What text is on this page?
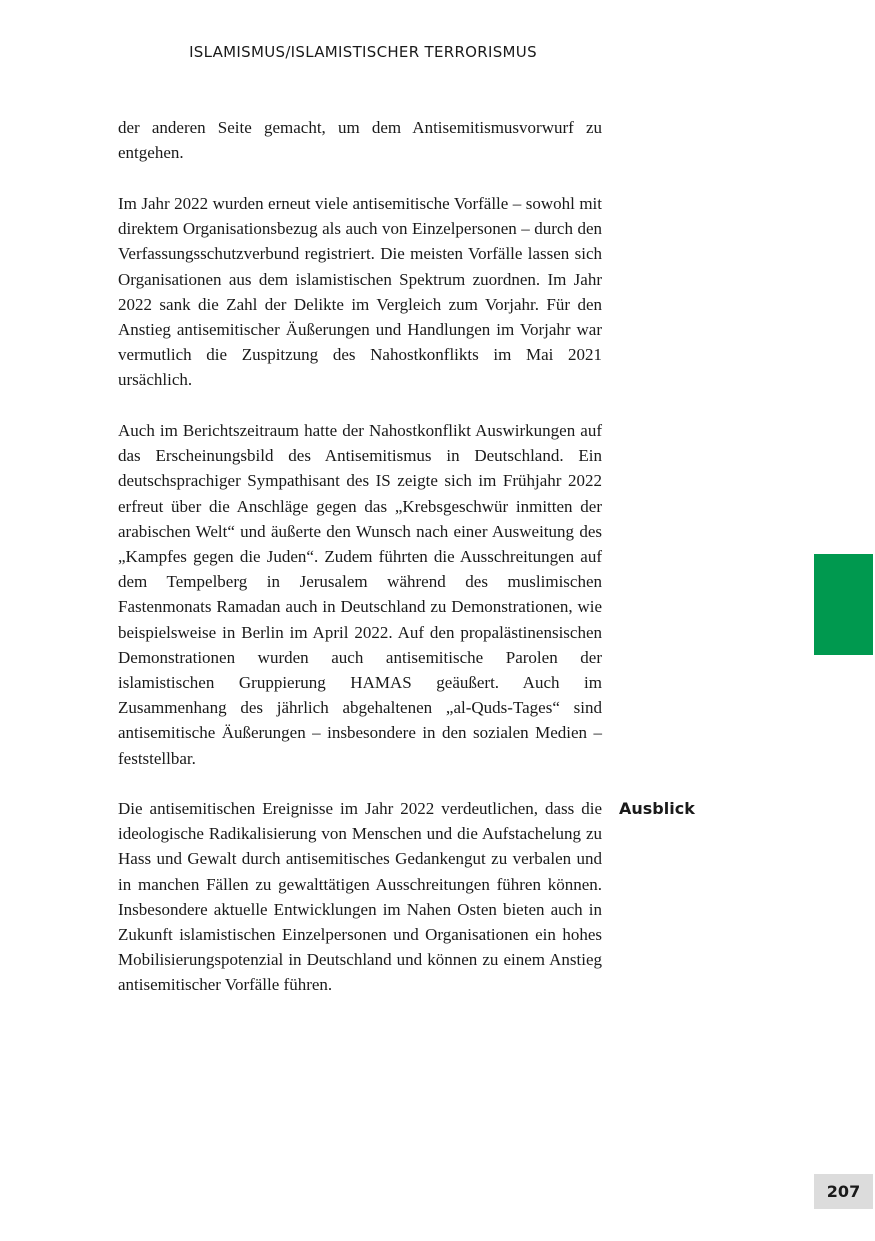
ISLAMISMUS/ISLAMISTISCHER TERRORISMUS

der anderen Seite gemacht, um dem Antisemitismusvorwurf zu entgehen.

Im Jahr 2022 wurden erneut viele antisemitische Vorfälle – sowohl mit direktem Organisationsbezug als auch von Einzelpersonen – durch den Verfassungsschutzverbund registriert. Die meisten Vorfälle lassen sich Organisationen aus dem islamistischen Spektrum zuordnen. Im Jahr 2022 sank die Zahl der Delikte im Vergleich zum Vorjahr. Für den Anstieg antisemitischer Äußerungen und Handlungen im Vorjahr war vermutlich die Zuspitzung des Nahostkonflikts im Mai 2021 ursächlich.

Auch im Berichtszeitraum hatte der Nahostkonflikt Auswirkungen auf das Erscheinungsbild des Antisemitismus in Deutschland. Ein deutschsprachiger Sympathisant des IS zeigte sich im Frühjahr 2022 erfreut über die Anschläge gegen das „Krebsgeschwür inmitten der arabischen Welt“ und äußerte den Wunsch nach einer Ausweitung des „Kampfes gegen die Juden“. Zudem führten die Ausschreitungen auf dem Tempelberg in Jerusalem während des muslimischen Fastenmonats Ramadan auch in Deutschland zu Demonstrationen, wie beispielsweise in Berlin im April 2022. Auf den propalästinensischen Demonstrationen wurden auch antisemitische Parolen der islamistischen Gruppierung HAMAS geäußert. Auch im Zusammenhang des jährlich abgehaltenen „al-Quds-Tages“ sind antisemitische Äußerungen – insbesondere in den sozialen Medien – feststellbar.

Die antisemitischen Ereignisse im Jahr 2022 verdeutlichen, dass die ideologische Radikalisierung von Menschen und die Aufstachelung zu Hass und Gewalt durch antisemitisches Gedankengut zu verbalen und in manchen Fällen zu gewalttätigen Ausschreitungen führen können. Insbesondere aktuelle Entwicklungen im Nahen Osten bieten auch in Zukunft islamistischen Einzelpersonen und Organisationen ein hohes Mobilisierungspotenzial in Deutschland und können zu einem Anstieg antisemitischer Vorfälle führen.

Ausblick
207
